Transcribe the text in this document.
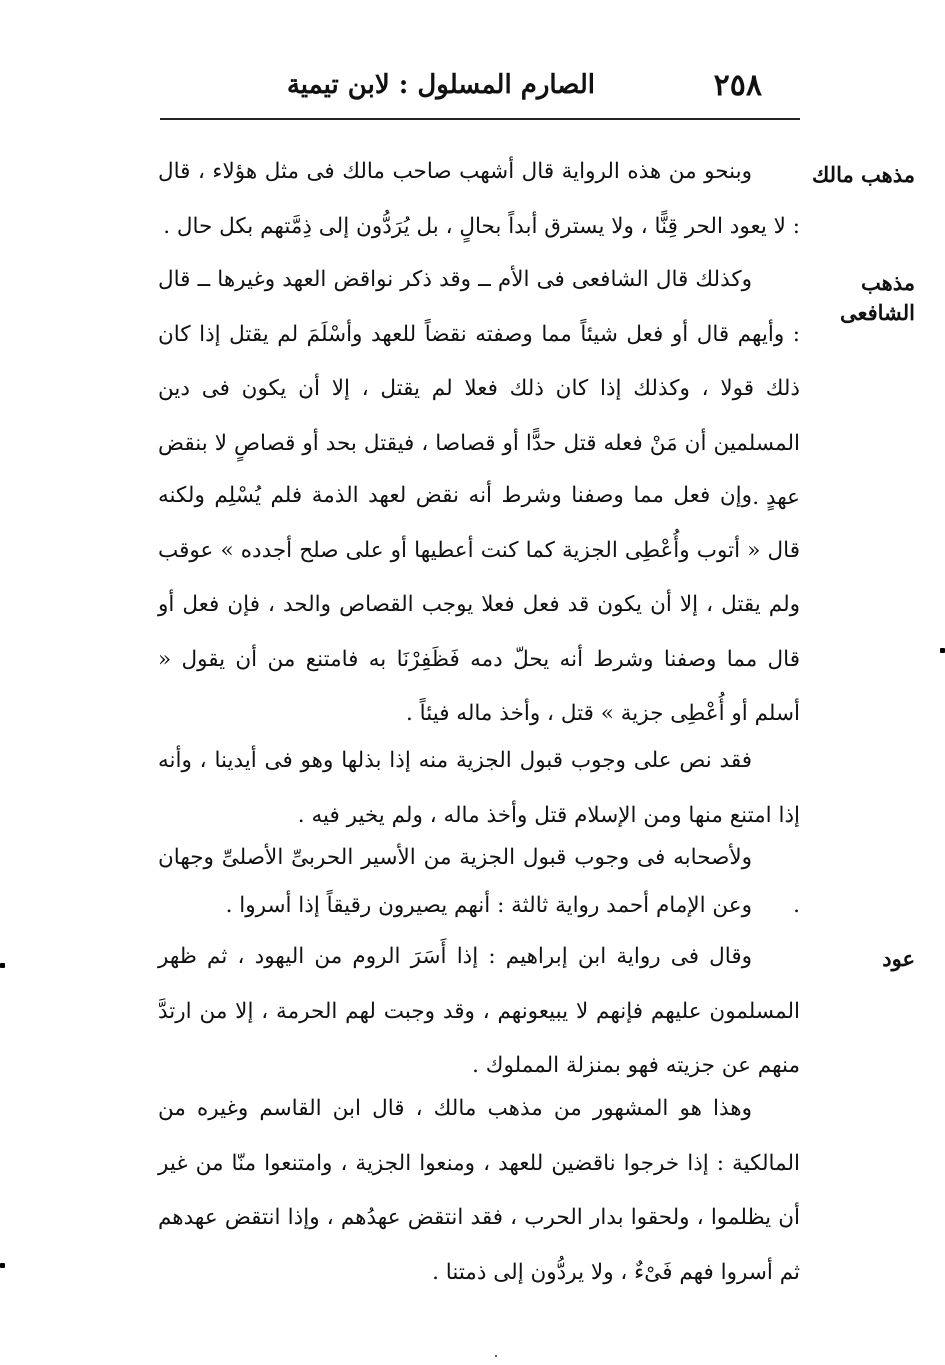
٢٥٨
الصارم المسلول : لابن تيمية
مذهب مالك
مذهب الشافعى
عود

وبنحو من هذه الرواية قال أشهب صاحب مالك فى مثل هؤلاء ، قال : لا يعود الحر قِنًّا ، ولا يسترق أبداً بحالٍ ، بل يُرَدُّون إلى ذِمَّتهم بكل حال .

وكذلك قال الشافعى فى الأم ــ وقد ذكر نواقض العهد وغيرها ــ قال : وأيهم قال أو فعل شيئاً مما وصفته نقضاً للعهد وأسْلَمَ لم يقتل إذا كان ذلك قولا ، وكذلك إذا كان ذلك فعلا لم يقتل ، إلا أن يكون فى دين المسلمين أن مَنْ فعله قتل حدًّا أو قصاصا ، فيقتل بحد أو قصاصٍ لا بنقض عهدٍ .

وإن فعل مما وصفنا وشرط أنه نقض لعهد الذمة فلم يُسْلِم ولكنه قال « أتوب وأُعْطِى الجزية كما كنت أعطيها أو على صلح أجدده » عوقب ولم يقتل ، إلا أن يكون قد فعل فعلا يوجب القصاص والحد ، فإن فعل أو قال مما وصفنا وشرط أنه يحلّ دمه فَظَفِرْنَا به فامتنع من أن يقول « أسلم أو أُعْطِى جزية » قتل ، وأخذ ماله فيئاً .

فقد نص على وجوب قبول الجزية منه إذا بذلها وهو فى أيدينا ، وأنه إذا امتنع منها ومن الإسلام قتل وأخذ ماله ، ولم يخير فيه .

ولأصحابه فى وجوب قبول الجزية من الأسير الحربىِّ الأصلىِّ وجهان .

وعن الإمام أحمد رواية ثالثة : أنهم يصيرون رقيقاً إذا أسروا .

وقال فى رواية ابن إبراهيم : إذا أَسَرَ الروم من اليهود ، ثم ظهر المسلمون عليهم فإنهم لا يبيعونهم ، وقد وجبت لهم الحرمة ، إلا من ارتدَّ منهم عن جزيته فهو بمنزلة المملوك .

وهذا هو المشهور من مذهب مالك ، قال ابن القاسم وغيره من المالكية : إذا خرجوا ناقضين للعهد ، ومنعوا الجزية ، وامتنعوا منّا من غير أن يظلموا ، ولحقوا بدار الحرب ، فقد انتقض عهدُهم ، وإذا انتقض عهدهم ثم أسروا فهم فَىْءٌ ، ولا يردُّون إلى ذمتنا .
